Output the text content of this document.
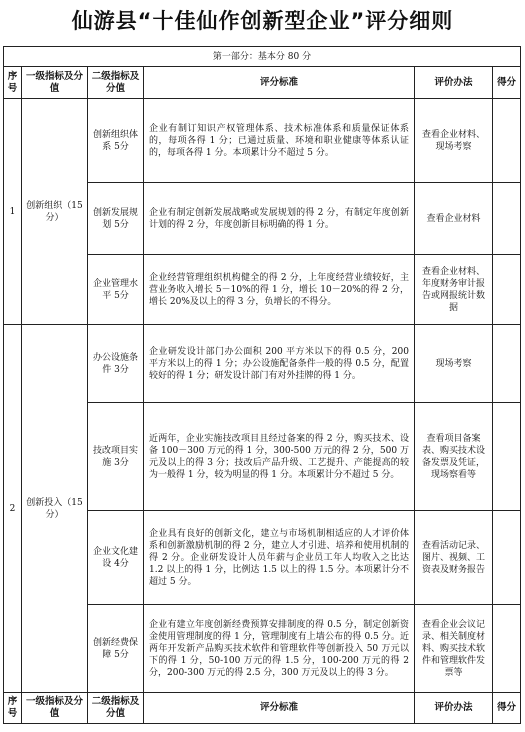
仙游县“十佳仙作创新型企业”评分细则
第一部分：基本分 80 分					
序号	一级指标及分值	二级指标及分值	评分标准	评价办法	得分
1	创新组织（15分）	创新组织体系 5分	企业有制订知识产权管理体系、技术标准体系和质量保证体系的，每项各得 1 分；已通过质量、环境和职业健康等体系认证的，每项各得 1 分。本项累计分不超过 5 分。	查看企业材料、现场考察	
		创新发展规划 5分	企业有制定创新发展战略或发展规划的得 2 分，有制定年度创新计划的得 2 分，年度创新目标明确的得 1 分。	查看企业材料	
		企业管理水平 5分	企业经营管理组织机构健全的得 2 分，上年度经营业绩较好，主营业务收入增长 5－10%的得 1 分，增长 10－20%的得 2 分，增长 20%及以上的得 3 分，负增长的不得分。	查看企业材料、年度财务审计报告或网报统计数据	
2	创新投入（15分）	办公设施条件 3分	企业研发设计部门办公面积 200 平方米以下的得 0.5 分，200 平方米以上的得 1 分；办公设施配备条件一般的得 0.5 分，配置较好的得 1 分；研发设计部门有对外挂牌的得 1 分。	现场考察	
		技改项目实施 3分	近两年，企业实施技改项目且经过备案的得 2 分，购买技术、设备 100－300 万元的得 1 分，300-500 万元的得 2 分，500 万元及以上的得 3 分；技改后产品升级、工艺提升、产能提高的较为一般得 1 分，较为明显的得 1 分。本项累计分不超过 5 分。	查看项目备案表、购买技术设备发票及凭证，现场察看等	
		企业文化建设 4分	企业具有良好的创新文化，建立与市场机制相适应的人才评价体系和创新激励机制的得 2 分，建立人才引进、培养和使用机制的得 2 分。企业研发设计人员年薪与企业员工年人均收入之比达 1.2 以上的得 1 分，比例达 1.5 以上的得 1.5 分。本项累计分不超过 5 分。	查看活动记录、图片、视频、工资表及财务报告	
		创新经费保障 5分	企业有建立年度创新经费预算安排制度的得 0.5 分，制定创新资金使用管理制度的得 1 分，管理制度有上墙公布的得 0.5 分。近两年开发新产品购买技术软件和管理软件等创新投入 50 万元以下的得 1 分，50-100 万元的得 1.5 分，100-200 万元的得 2 分，200-300 万元的得 2.5 分，300 万元及以上的得 3 分。	查看企业会议记录、相关制度材料、购买技术软件和管理软件发票等	
序号	一级指标及分值	二级指标及分值	评分标准	评价办法	得分
